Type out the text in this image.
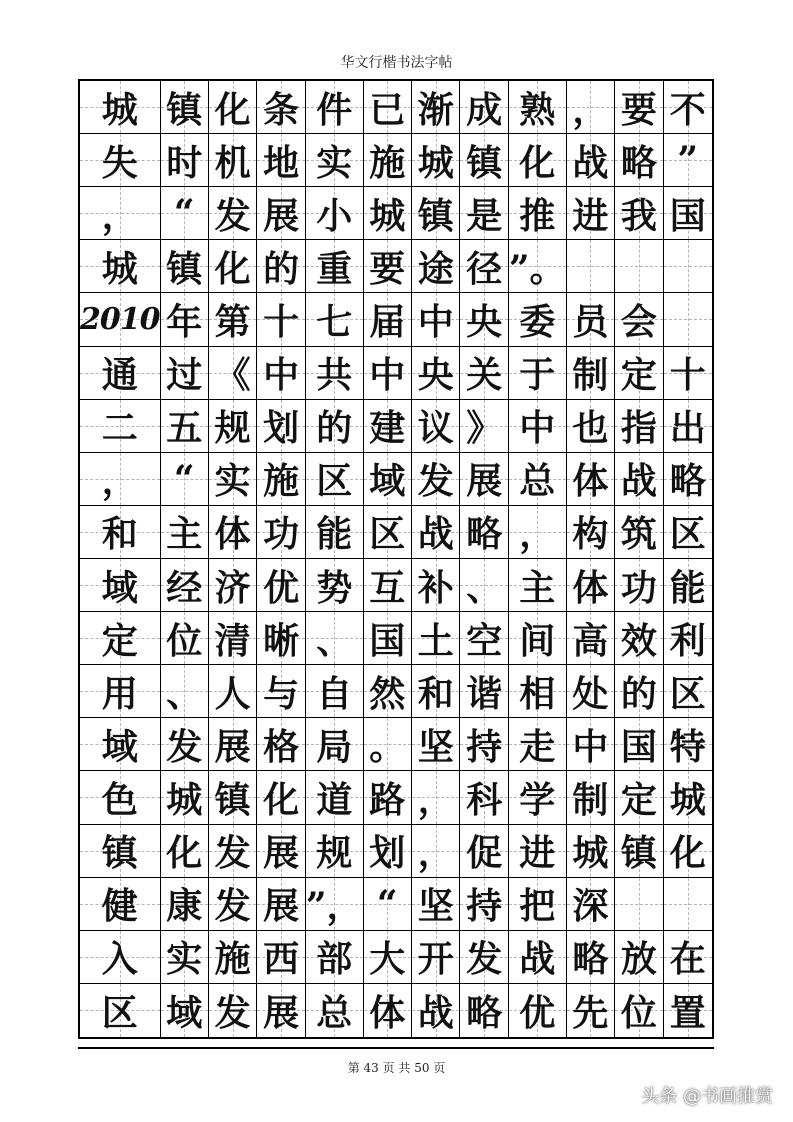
华文行楷书法字帖
城 镇 化 条 件 已 渐 成 熟 ， 要 不
失 时 机 地 实 施 城 镇 化 战 略 ”
， “ 发 展 小 城 镇 是 推 进 我 国
城 镇 化 的 重 要 途 径 ”。
2010 年 第 十 七 届 中 央 委 员 会
通 过 《 中 共 中 央 关 于 制 定 十
二 五 规 划 的 建 议 》 中 也 指 出
， “ 实 施 区 域 发 展 总 体 战 略
和 主 体 功 能 区 战 略 ， 构 筑 区
域 经 济 优 势 互 补 、 主 体 功 能
定 位 清 晰 、 国 土 空 间 高 效 利
用 、 人 与 自 然 和 谐 相 处 的 区
域 发 展 格 局 。 坚 持 走 中 国 特
色 城 镇 化 道 路 ， 科 学 制 定 城
镇 化 发 展 规 划 ， 促 进 城 镇 化
健 康 发 展 ”， “ 坚 持 把 深
入 实 施 西 部 大 开 发 战 略 放 在
区 域 发 展 总 体 战 略 优 先 位 置
第 43 页 共 50 页
头条 @书画推赏
